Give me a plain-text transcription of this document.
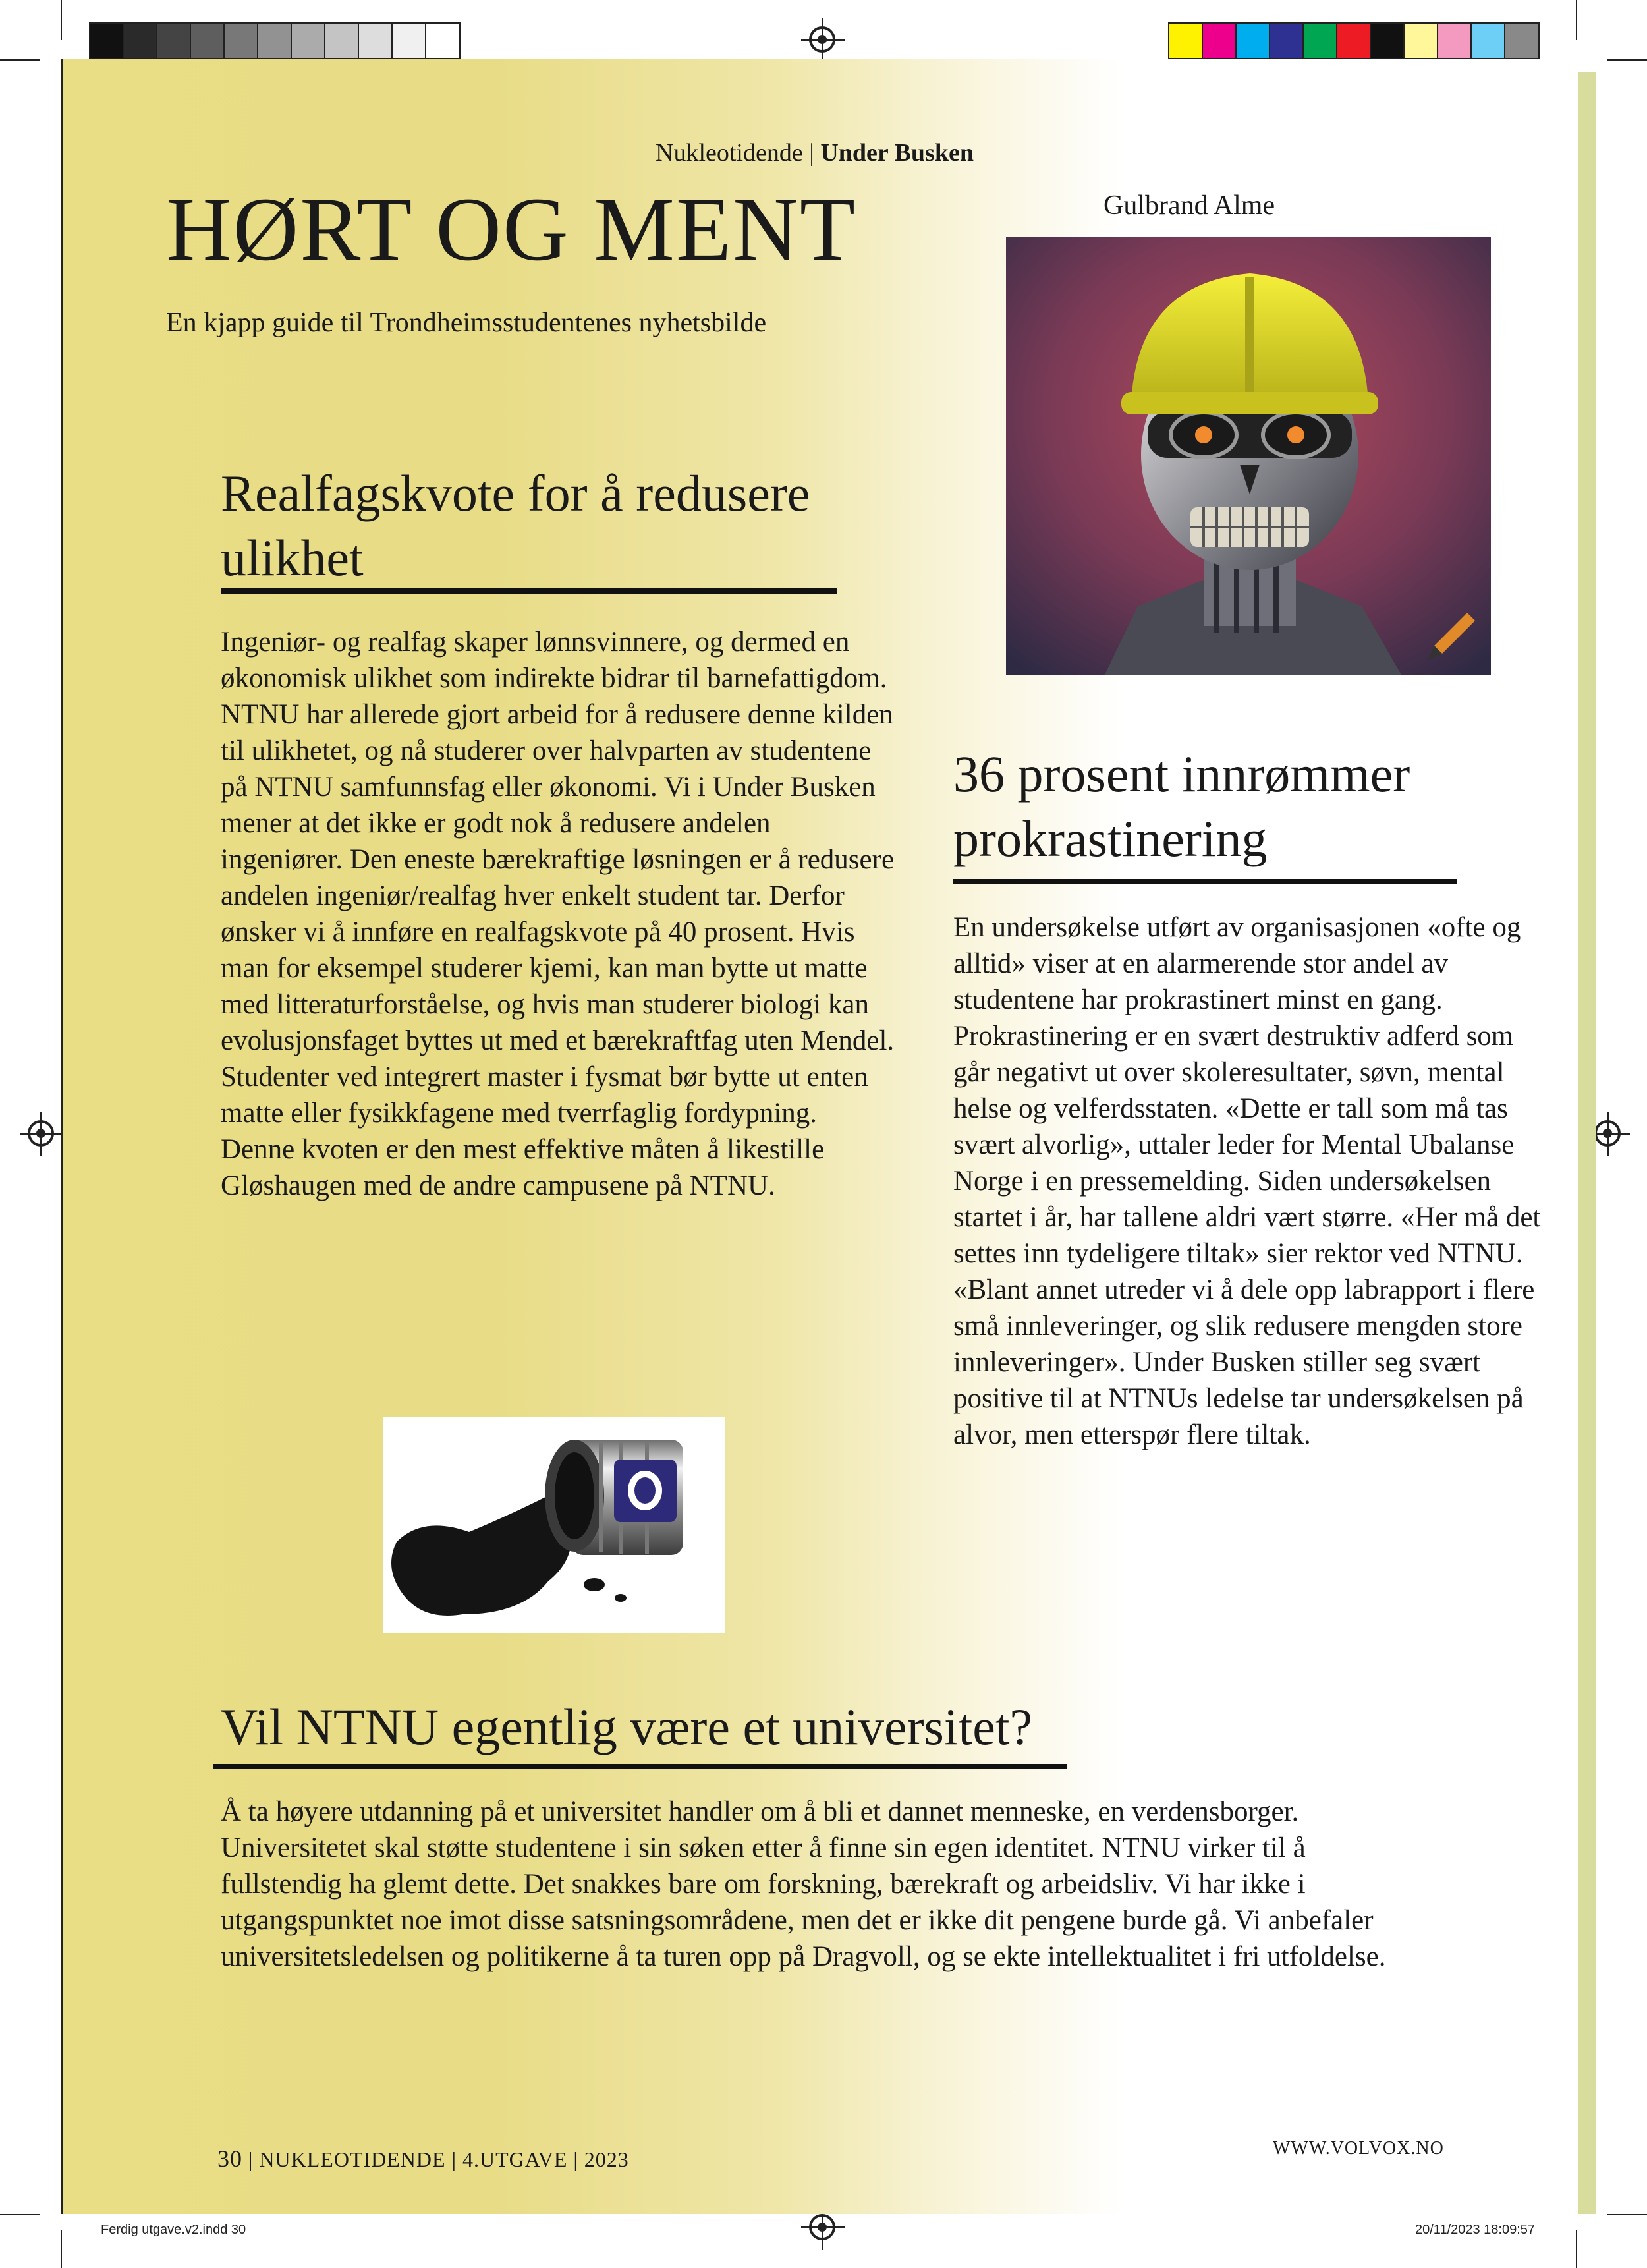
Nukleotidende | Under Busken
HØRT OG MENT
En kjapp guide til Trondheimsstudentenes nyhetsbilde
Gulbrand Alme
Realfagskvote for å redusere ulikhet
Ingeniør- og realfag skaper lønnsvinnere, og dermed en økonomisk ulikhet som indirekte bidrar til barnefattigdom. NTNU har allerede gjort arbeid for å redusere denne kilden til ulikhetet, og nå studerer over halvparten av studentene på NTNU samfunnsfag eller økonomi. Vi i Under Busken mener at det ikke er godt nok å redusere andelen ingeniører. Den eneste bærekraftige løsningen er å redusere andelen ingeniør/realfag hver enkelt student tar. Derfor ønsker vi å innføre en realfagskvote på 40 prosent. Hvis man for eksempel studerer kjemi, kan man bytte ut matte med litteraturforståelse, og hvis man studerer biologi kan evolusjonsfaget byttes ut med et bærekraftfag uten Mendel. Studenter ved integrert master i fysmat bør bytte ut enten matte eller fysikkfagene med tverrfaglig fordypning. Denne kvoten er den mest effektive måten å likestille Gløshaugen med de andre campusene på NTNU.
36 prosent innrømmer prokrastinering
En undersøkelse utført av organisasjonen «ofte og alltid» viser at en alarmerende stor andel av studentene har prokrastinert minst en gang. Prokrastinering er en svært destruktiv adferd som går negativt ut over skoleresultater, søvn, mental helse og velferdsstaten. «Dette er tall som må tas svært alvorlig», uttaler leder for Mental Ubalanse Norge i en pressemelding. Siden undersøkelsen startet i år, har tallene aldri vært større. «Her må det settes inn tydeligere tiltak» sier rektor ved NTNU. «Blant annet utreder vi å dele opp labrapport i flere små innleveringer, og slik redusere mengden store innleveringer». Under Busken stiller seg svært positive til at NTNUs ledelse tar undersøkelsen på alvor, men etterspør flere tiltak.
Vil NTNU egentlig være et universitet?
Å ta høyere utdanning på et universitet handler om å bli et dannet menneske, en verdensborger. Universitetet skal støtte studentene i sin søken etter å finne sin egen identitet. NTNU virker til å fullstendig ha glemt dette. Det snakkes bare om forskning, bærekraft og arbeidsliv. Vi har ikke i utgangspunktet noe imot disse satsningsområdene, men det er ikke dit pengene burde gå. Vi anbefaler universitetsledelsen og politikerne å ta turen opp på Dragvoll, og se ekte intellektualitet i fri utfoldelse.
30 | NUKLEOTIDENDE | 4.UTGAVE | 2023	WWW.VOLVOX.NO
Ferdig utgave.v2.indd 30	20/11/2023 18:09:57
